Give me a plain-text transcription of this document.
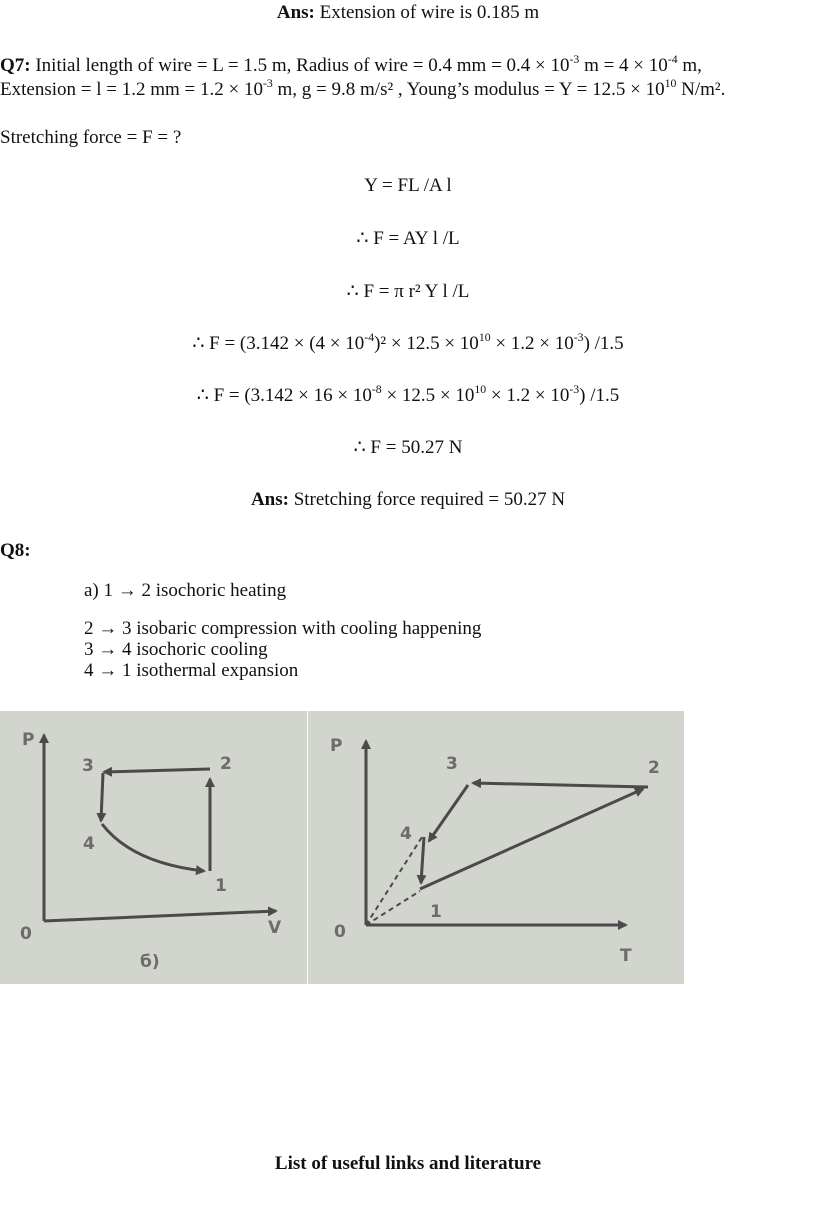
Ans: Extension of wire is 0.185 m
Q7: Initial length of wire = L = 1.5 m, Radius of wire = 0.4 mm = $0.4 \times 10^{-3}$ $m = 4 \times 10^{-4}$ m,
Extension = l = 1.2 mm = $1.2 \times 10^{-3}$ m, g = 9.8 m/s² , Young’s modulus = $Y = 12.5 \times 10^{10}$ N/m².
Stretching force = F = ?
Y = FL /A l
∴ F = AY l /L
∴ F = π r² Y l /L
∴ $F = (3.142 \times (4 \times 10^{-4})^2 \times 12.5 \times 10^{10} \times 1.2 \times 10^{-3})$ /1.5
∴ $F = (3.142 \times 16 \times 10^{-8} \times 12.5 \times 10^{10} \times 1.2 \times 10^{-3})$ /1.5
∴ F = 50.27 N
Ans: Stretching force required = 50.27 N
Q8:
a) 1 → 2 isochoric heating
2 → 3 isobaric compression with cooling happening
3 → 4 isochoric cooling
4 → 1 isothermal expansion
P
V
0
1
2
3
4
б)
P
T
0
1
2
3
4
List of useful links and literature
